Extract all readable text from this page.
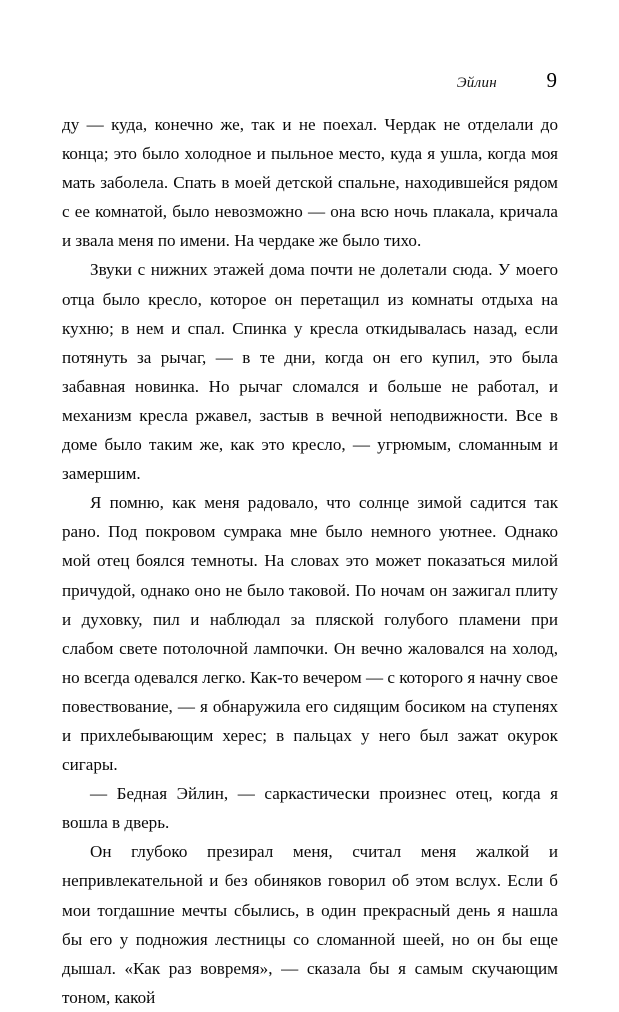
Эйлин 9

ду — куда, конечно же, так и не поехал. Чердак не отделали до конца; это было холодное и пыльное место, куда я ушла, когда моя мать заболела. Спать в моей детской спальне, находившейся рядом с ее комнатой, было невозможно — она всю ночь плакала, кричала и звала меня по имени. На чердаке же было тихо.

Звуки с нижних этажей дома почти не долетали сюда. У моего отца было кресло, которое он перетащил из комнаты отдыха на кухню; в нем и спал. Спинка у кресла откидывалась назад, если потянуть за рычаг, — в те дни, когда он его купил, это была забавная новинка. Но рычаг сломался и больше не работал, и механизм кресла ржавел, застыв в вечной неподвижности. Все в доме было таким же, как это кресло, — угрюмым, сломанным и замершим.

Я помню, как меня радовало, что солнце зимой садится так рано. Под покровом сумрака мне было немного уютнее. Однако мой отец боялся темноты. На словах это может показаться милой причудой, однако оно не было таковой. По ночам он зажигал плиту и духовку, пил и наблюдал за пляской голубого пламени при слабом свете потолочной лампочки. Он вечно жаловался на холод, но всегда одевался легко. Как-то вечером — с которого я начну свое повествование, — я обнаружила его сидящим босиком на ступенях и прихлебывающим херес; в пальцах у него был зажат окурок сигары.

— Бедная Эйлин, — саркастически произнес отец, когда я вошла в дверь.

Он глубоко презирал меня, считал меня жалкой и непривлекательной и без обиняков говорил об этом вслух. Если б мои тогдашние мечты сбылись, в один прекрасный день я нашла бы его у подножия лестницы со сломанной шеей, но он бы еще дышал. «Как раз вовремя», — сказала бы я самым скучающим тоном, какой
